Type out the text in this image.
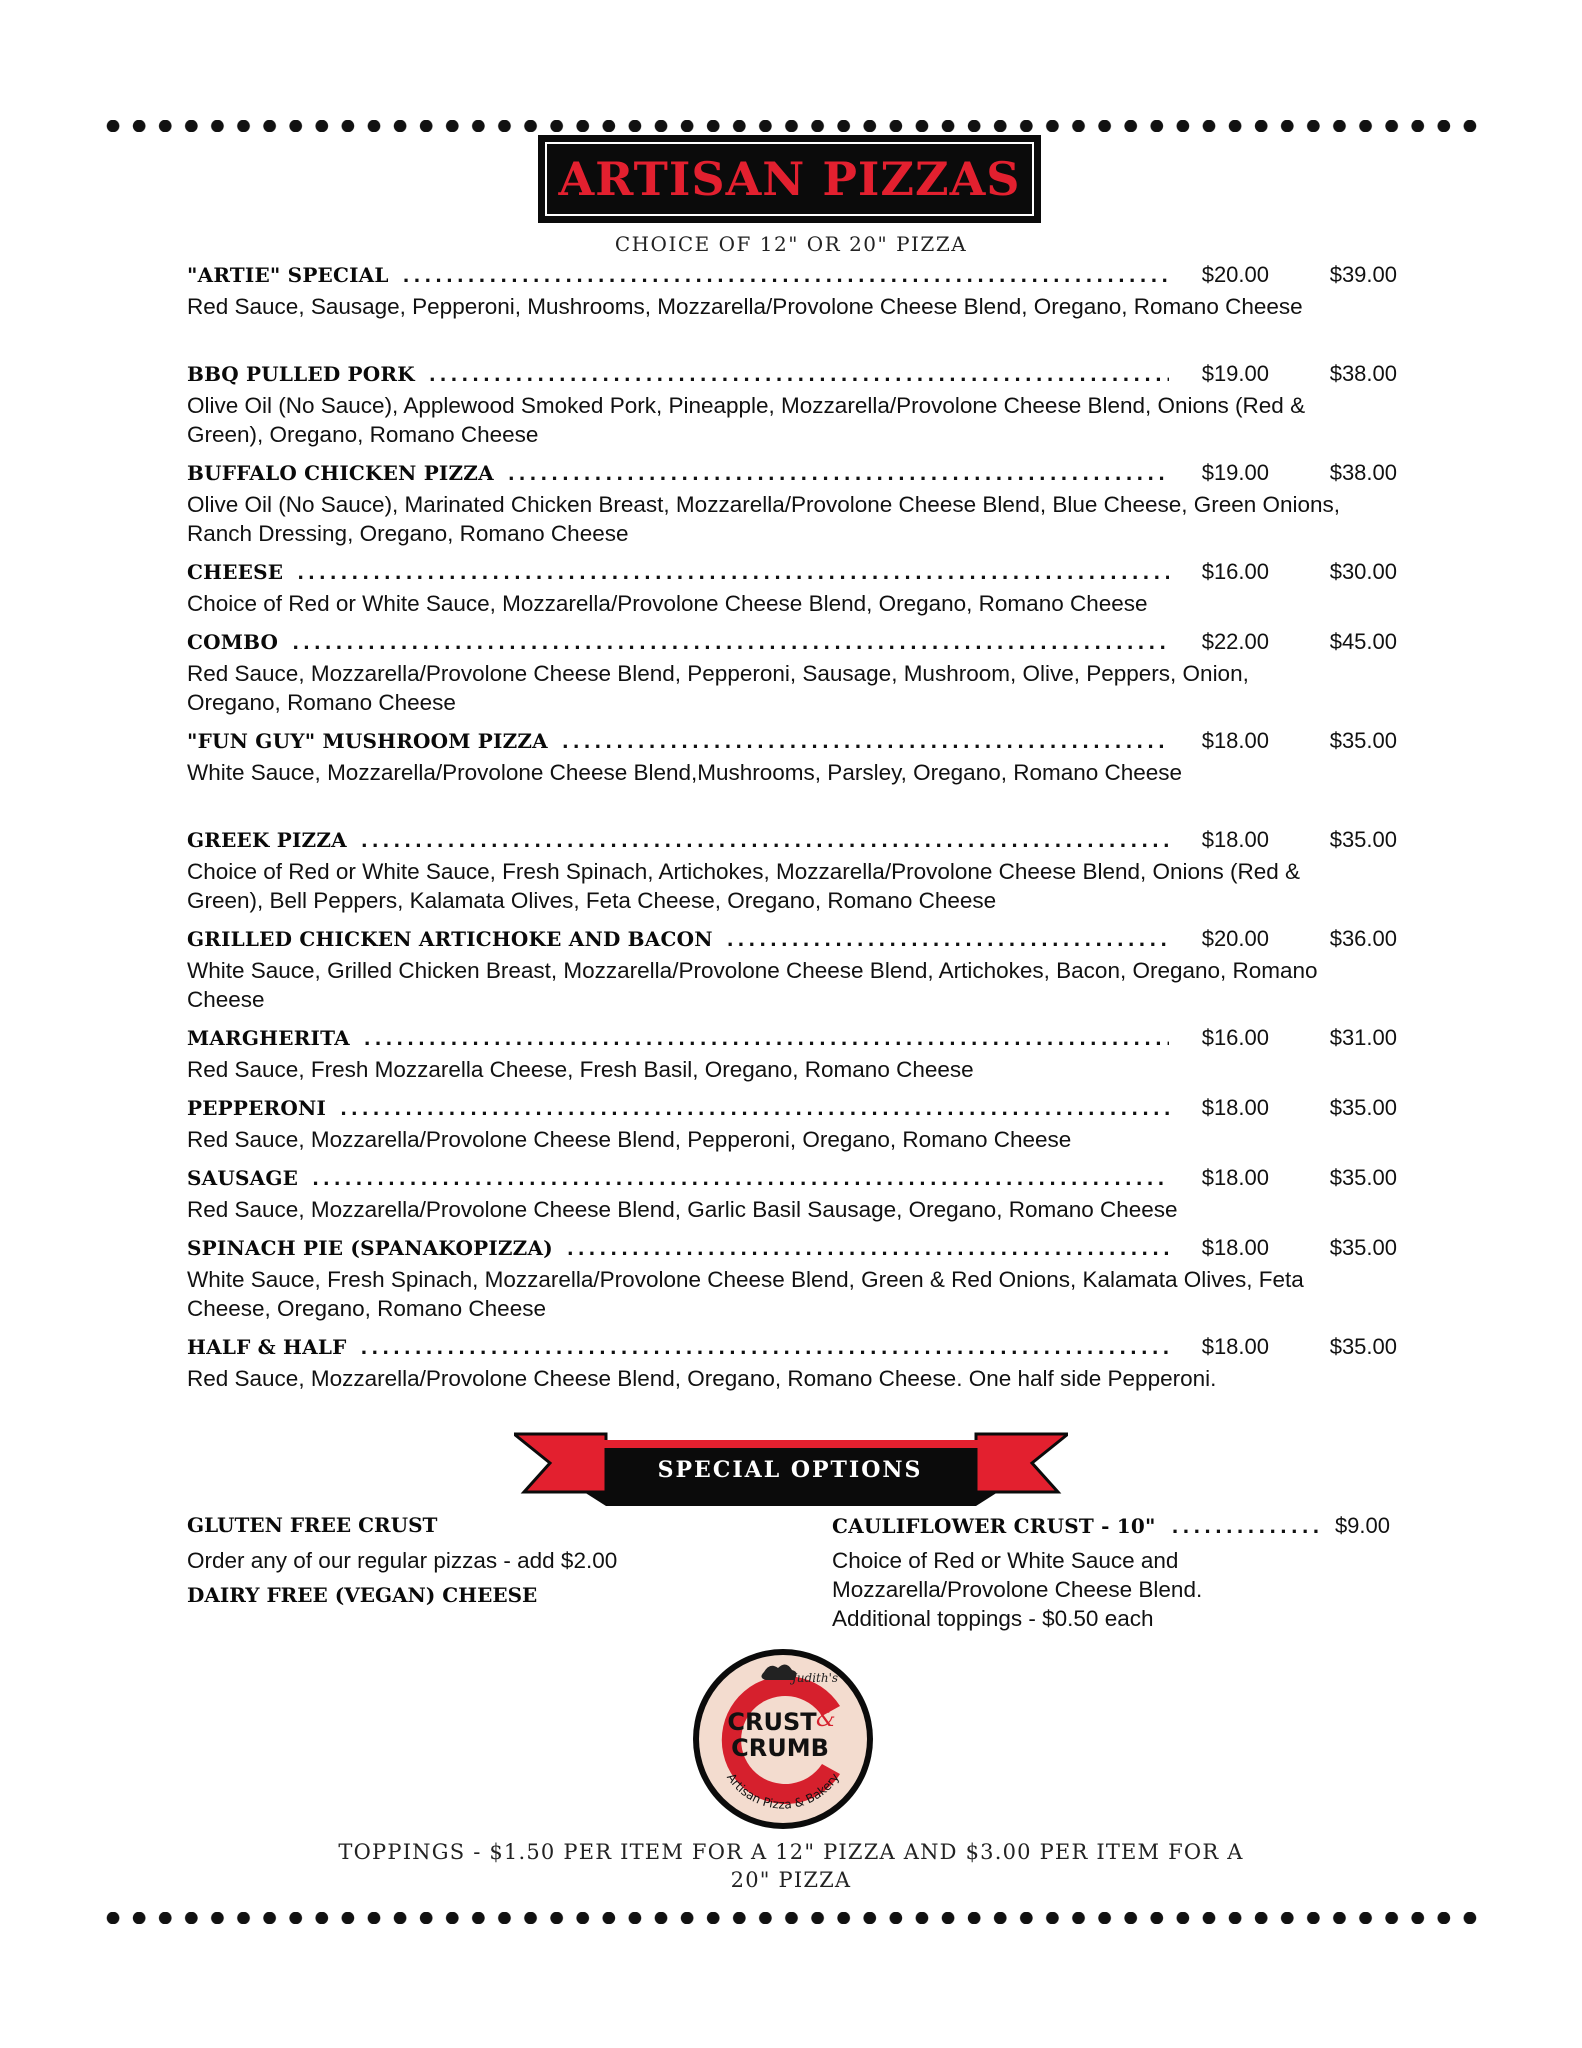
ARTISAN PIZZAS
CHOICE OF 12" OR 20" PIZZA
"ARTIE" SPECIAL .....	$20.00	$39.00
Red Sauce, Sausage, Pepperoni, Mushrooms, Mozzarella/Provolone Cheese Blend, Oregano, Romano Cheese
BBQ PULLED PORK .....	$19.00	$38.00
Olive Oil (No Sauce), Applewood Smoked Pork, Pineapple, Mozzarella/Provolone Cheese Blend, Onions (Red & Green), Oregano, Romano Cheese
BUFFALO CHICKEN PIZZA .....	$19.00	$38.00
Olive Oil (No Sauce), Marinated Chicken Breast, Mozzarella/Provolone Cheese Blend, Blue Cheese, Green Onions, Ranch Dressing, Oregano, Romano Cheese
CHEESE .....	$16.00	$30.00
Choice of Red or White Sauce, Mozzarella/Provolone Cheese Blend, Oregano, Romano Cheese
COMBO .....	$22.00	$45.00
Red Sauce, Mozzarella/Provolone Cheese Blend, Pepperoni, Sausage, Mushroom, Olive, Peppers, Onion, Oregano, Romano Cheese
"FUN GUY" MUSHROOM PIZZA .....	$18.00	$35.00
White Sauce, Mozzarella/Provolone Cheese Blend,Mushrooms, Parsley, Oregano, Romano Cheese
GREEK PIZZA .....	$18.00	$35.00
Choice of Red or White Sauce, Fresh Spinach, Artichokes, Mozzarella/Provolone Cheese Blend, Onions (Red & Green), Bell Peppers, Kalamata Olives, Feta Cheese, Oregano, Romano Cheese
GRILLED CHICKEN ARTICHOKE AND BACON .....	$20.00	$36.00
White Sauce, Grilled Chicken Breast, Mozzarella/Provolone Cheese Blend, Artichokes, Bacon, Oregano, Romano Cheese
MARGHERITA .....	$16.00	$31.00
Red Sauce, Fresh Mozzarella Cheese, Fresh Basil, Oregano, Romano Cheese
PEPPERONI .....	$18.00	$35.00
Red Sauce, Mozzarella/Provolone Cheese Blend, Pepperoni, Oregano, Romano Cheese
SAUSAGE .....	$18.00	$35.00
Red Sauce, Mozzarella/Provolone Cheese Blend, Garlic Basil Sausage, Oregano, Romano Cheese
SPINACH PIE (SPANAKOPIZZA) .....	$18.00	$35.00
White Sauce, Fresh Spinach, Mozzarella/Provolone Cheese Blend, Green & Red Onions, Kalamata Olives, Feta Cheese, Oregano, Romano Cheese
HALF & HALF .....	$18.00	$35.00
Red Sauce, Mozzarella/Provolone Cheese Blend, Oregano, Romano Cheese. One half side Pepperoni.
SPECIAL OPTIONS
GLUTEN FREE CRUST
Order any of our regular pizzas - add $2.00
DAIRY FREE (VEGAN) CHEESE
CAULIFLOWER CRUST - 10" .....	$9.00
Choice of Red or White Sauce and
Mozzarella/Provolone Cheese Blend.
Additional toppings - $0.50 each
Judith's
CRUST &
CRUMB
Artisan Pizza & Bakery
TOPPINGS - $1.50 PER ITEM FOR A 12" PIZZA AND $3.00 PER ITEM FOR A
20" PIZZA
